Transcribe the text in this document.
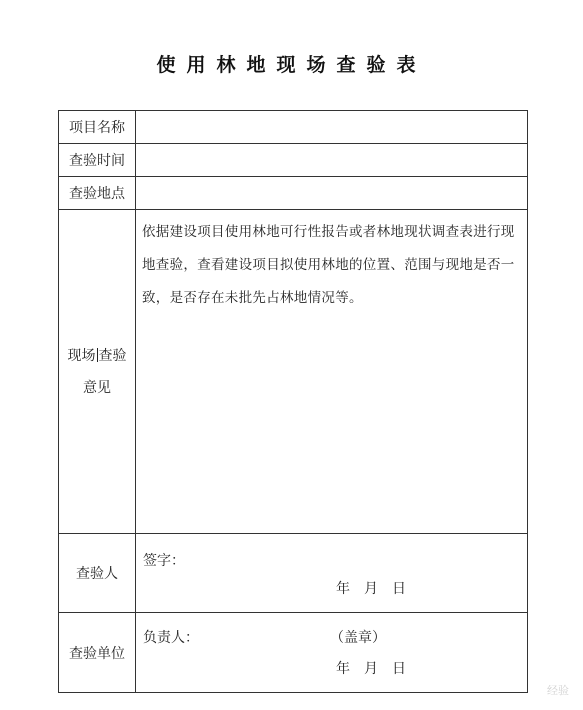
使用林地现场查验表
项目名称	
查验时间	
查验地点	

现场 查验
意见	依据建设项目使用林地可行性报告或者林地现状调查表进行现地查验，查看建设项目拟使用林地的位置、范围与现地是否一致，是否存在未批先占林地情况等。

查验人	签字：
年　月　日

查验单位	负责人： （盖章）
年　月　日
经验
